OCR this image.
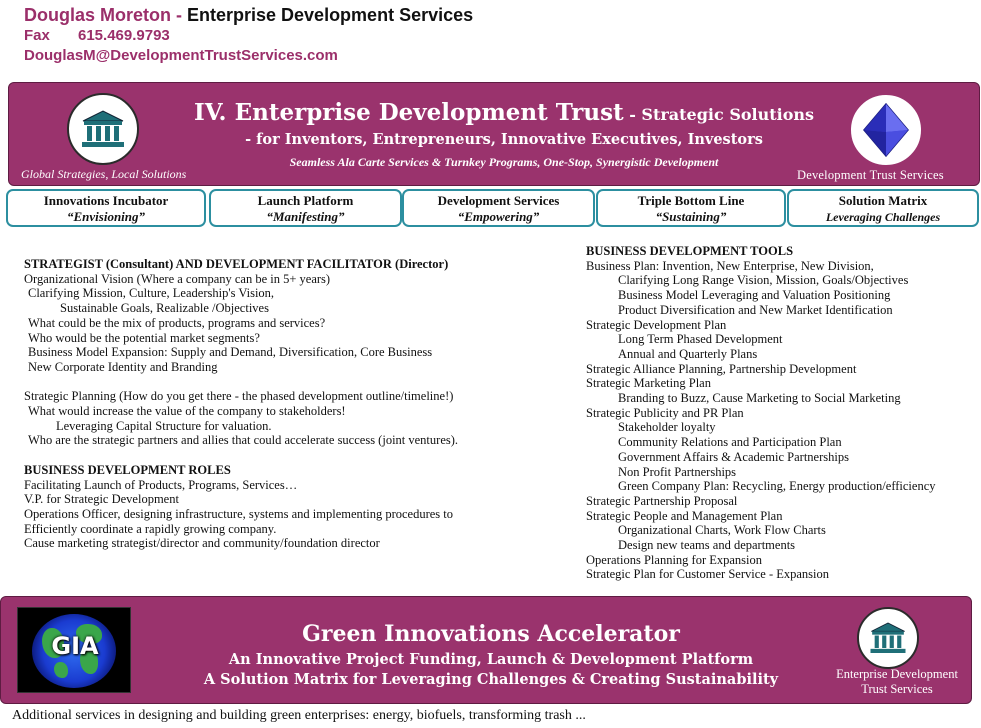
Douglas Moreton - Enterprise Development Services
Fax 615.469.9793
DouglasM@DevelopmentTrustServices.com
IV. Enterprise Development Trust - Strategic Solutions
- for Inventors, Entrepreneurs, Innovative Executives, Investors
Seamless Ala Carte Services & Turnkey Programs, One-Stop, Synergistic Development
Global Strategies, Local Solutions	Development Trust Services
Innovations Incubator
“Envisioning”
Launch Platform
“Manifesting”
Development Services
“Empowering”
Triple Bottom Line
“Sustaining”
Solution Matrix
Leveraging Challenges
STRATEGIST (Consultant) AND DEVELOPMENT FACILITATOR (Director)
Organizational Vision (Where a company can be in 5+ years)
Clarifying Mission, Culture, Leadership's Vision,
Sustainable Goals, Realizable /Objectives
What could be the mix of products, programs and services?
Who would be the potential market segments?
Business Model Expansion: Supply and Demand, Diversification, Core Business
New Corporate Identity and Branding
Strategic Planning (How do you get there - the phased development outline/timeline!)
What would increase the value of the company to stakeholders!
Leveraging Capital Structure for valuation.
Who are the strategic partners and allies that could accelerate success (joint ventures).
BUSINESS DEVELOPMENT ROLES
Facilitating Launch of Products, Programs, Services…
V.P. for Strategic Development
Operations Officer, designing infrastructure, systems and implementing procedures to
Efficiently coordinate a rapidly growing company.
Cause marketing strategist/director and community/foundation director
BUSINESS DEVELOPMENT TOOLS
Business Plan: Invention, New Enterprise, New Division,
Clarifying Long Range Vision, Mission, Goals/Objectives
Business Model Leveraging and Valuation Positioning
Product Diversification and New Market Identification
Strategic Development Plan
Long Term Phased Development
Annual and Quarterly Plans
Strategic Alliance Planning, Partnership Development
Strategic Marketing Plan
Branding to Buzz, Cause Marketing to Social Marketing
Strategic Publicity and PR Plan
Stakeholder loyalty
Community Relations and Participation Plan
Government Affairs & Academic Partnerships
Non Profit Partnerships
Green Company Plan: Recycling, Energy production/efficiency
Strategic Partnership Proposal
Strategic People and Management Plan
Organizational Charts, Work Flow Charts
Design new teams and departments
Operations Planning for Expansion
Strategic Plan for Customer Service - Expansion
GIA	Green Innovations Accelerator
An Innovative Project Funding, Launch & Development Platform
A Solution Matrix for Leveraging Challenges & Creating Sustainability	Enterprise Development
Trust Services
Additional services in designing and building green enterprises: energy, biofuels, transforming trash ...
